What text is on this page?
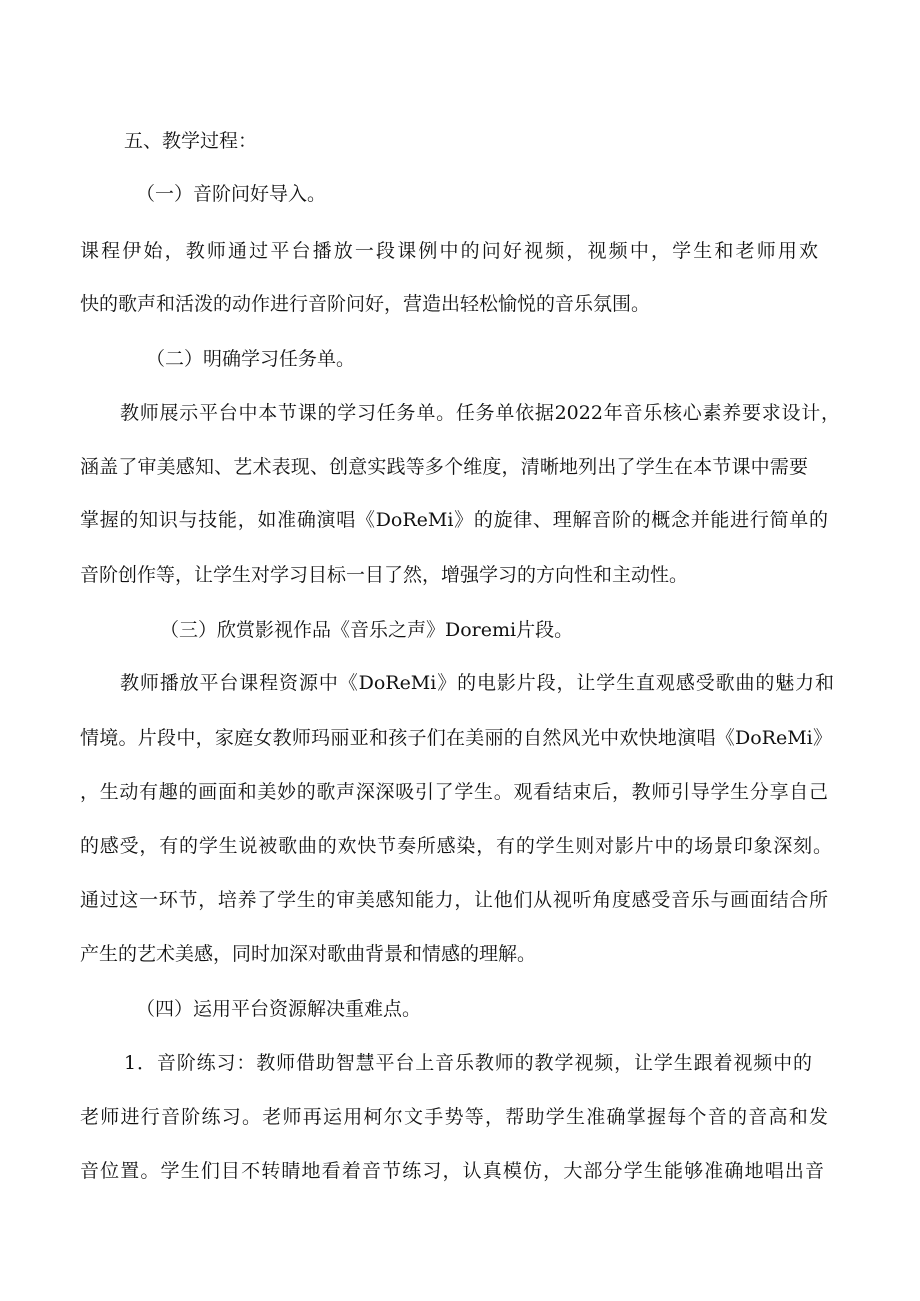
五、教学过程：
（一）音阶问好导入。
课程伊始，教师通过平台播放一段课例中的问好视频，视频中，学生和老师用欢
快的歌声和活泼的动作进行音阶问好，营造出轻松愉悦的音乐氛围。
（二）明确学习任务单。
教师展示平台中本节课的学习任务单。任务单依据2022年音乐核心素养要求设计，
涵盖了审美感知、艺术表现、创意实践等多个维度，清晰地列出了学生在本节课中需要
掌握的知识与技能，如准确演唱《DoReMi》的旋律、理解音阶的概念并能进行简单的
音阶创作等，让学生对学习目标一目了然，增强学习的方向性和主动性。
（三）欣赏影视作品《音乐之声》Doremi片段。
教师播放平台课程资源中《DoReMi》的电影片段，让学生直观感受歌曲的魅力和
情境。片段中，家庭女教师玛丽亚和孩子们在美丽的自然风光中欢快地演唱《DoReMi》
，生动有趣的画面和美妙的歌声深深吸引了学生。观看结束后，教师引导学生分享自己
的感受，有的学生说被歌曲的欢快节奏所感染，有的学生则对影片中的场景印象深刻。
通过这一环节，培养了学生的审美感知能力，让他们从视听角度感受音乐与画面结合所
产生的艺术美感，同时加深对歌曲背景和情感的理解。
（四）运用平台资源解决重难点。
1．音阶练习：教师借助智慧平台上音乐教师的教学视频，让学生跟着视频中的
老师进行音阶练习。老师再运用柯尔文手势等，帮助学生准确掌握每个音的音高和发
音位置。学生们目不转睛地看着音节练习，认真模仿，大部分学生能够准确地唱出音
